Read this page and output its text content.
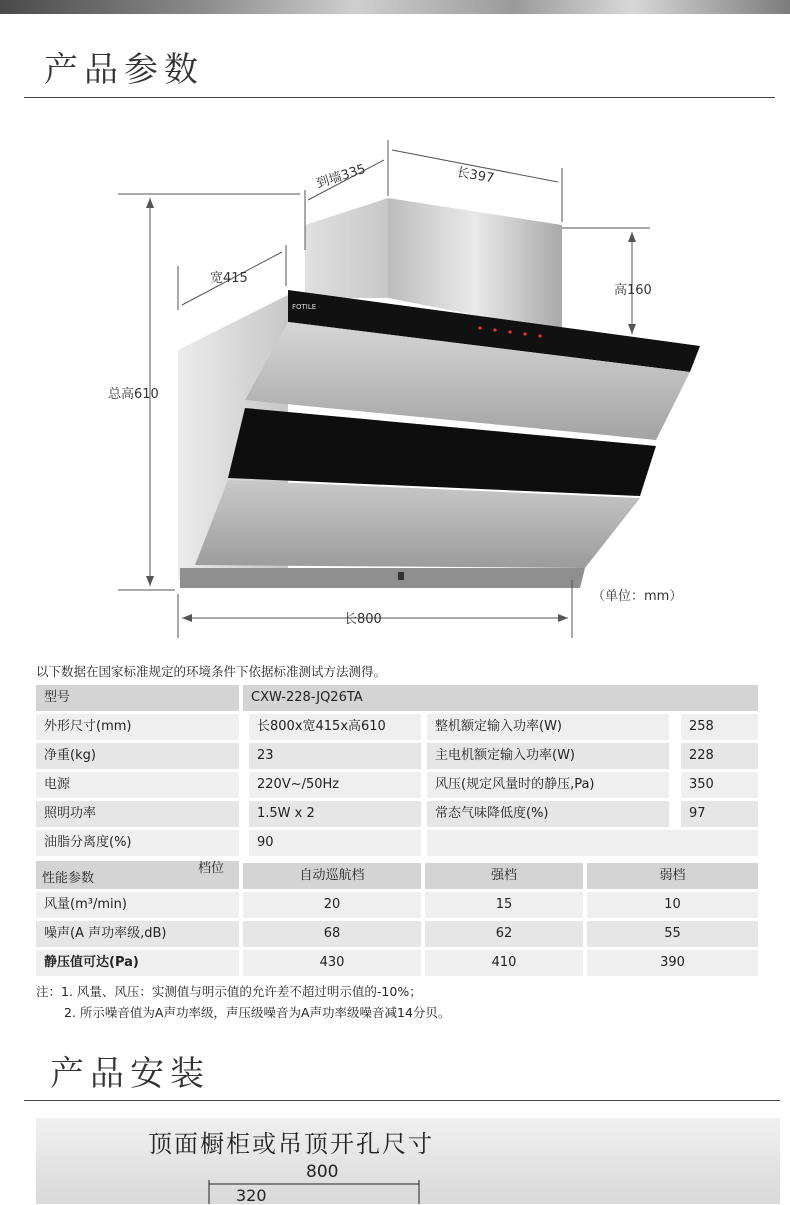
产品参数
FOTILE
到墙335	长397
宽415
高160
总高610
长800
（单位：mm）
以下数据在国家标准规定的环境条件下依据标准测试方法测得。
型号	CXW-228-JQ26TA
外形尺寸(mm)	长800x宽415x高610	整机额定输入功率(W)	258
净重(kg)	23	主电机额定输入功率(W)	228
电源	220V~/50Hz	风压(规定风量时的静压,Pa)	350
照明功率	1.5W x 2	常态气味降低度(%)	97
油脂分离度(%)	90
档位
性能参数	自动巡航档	强档	弱档
风量(m³/min)	20	15	10
噪声(A 声功率级,dB)	68	62	55
静压值可达(Pa)	430	410	390
注：1. 风量、风压：实测值与明示值的允许差不超过明示值的-10%；
2. 所示噪音值为A声功率级，声压级噪音为A声功率级噪音减14分贝。
产品安装
顶面橱柜或吊顶开孔尺寸
800
320
